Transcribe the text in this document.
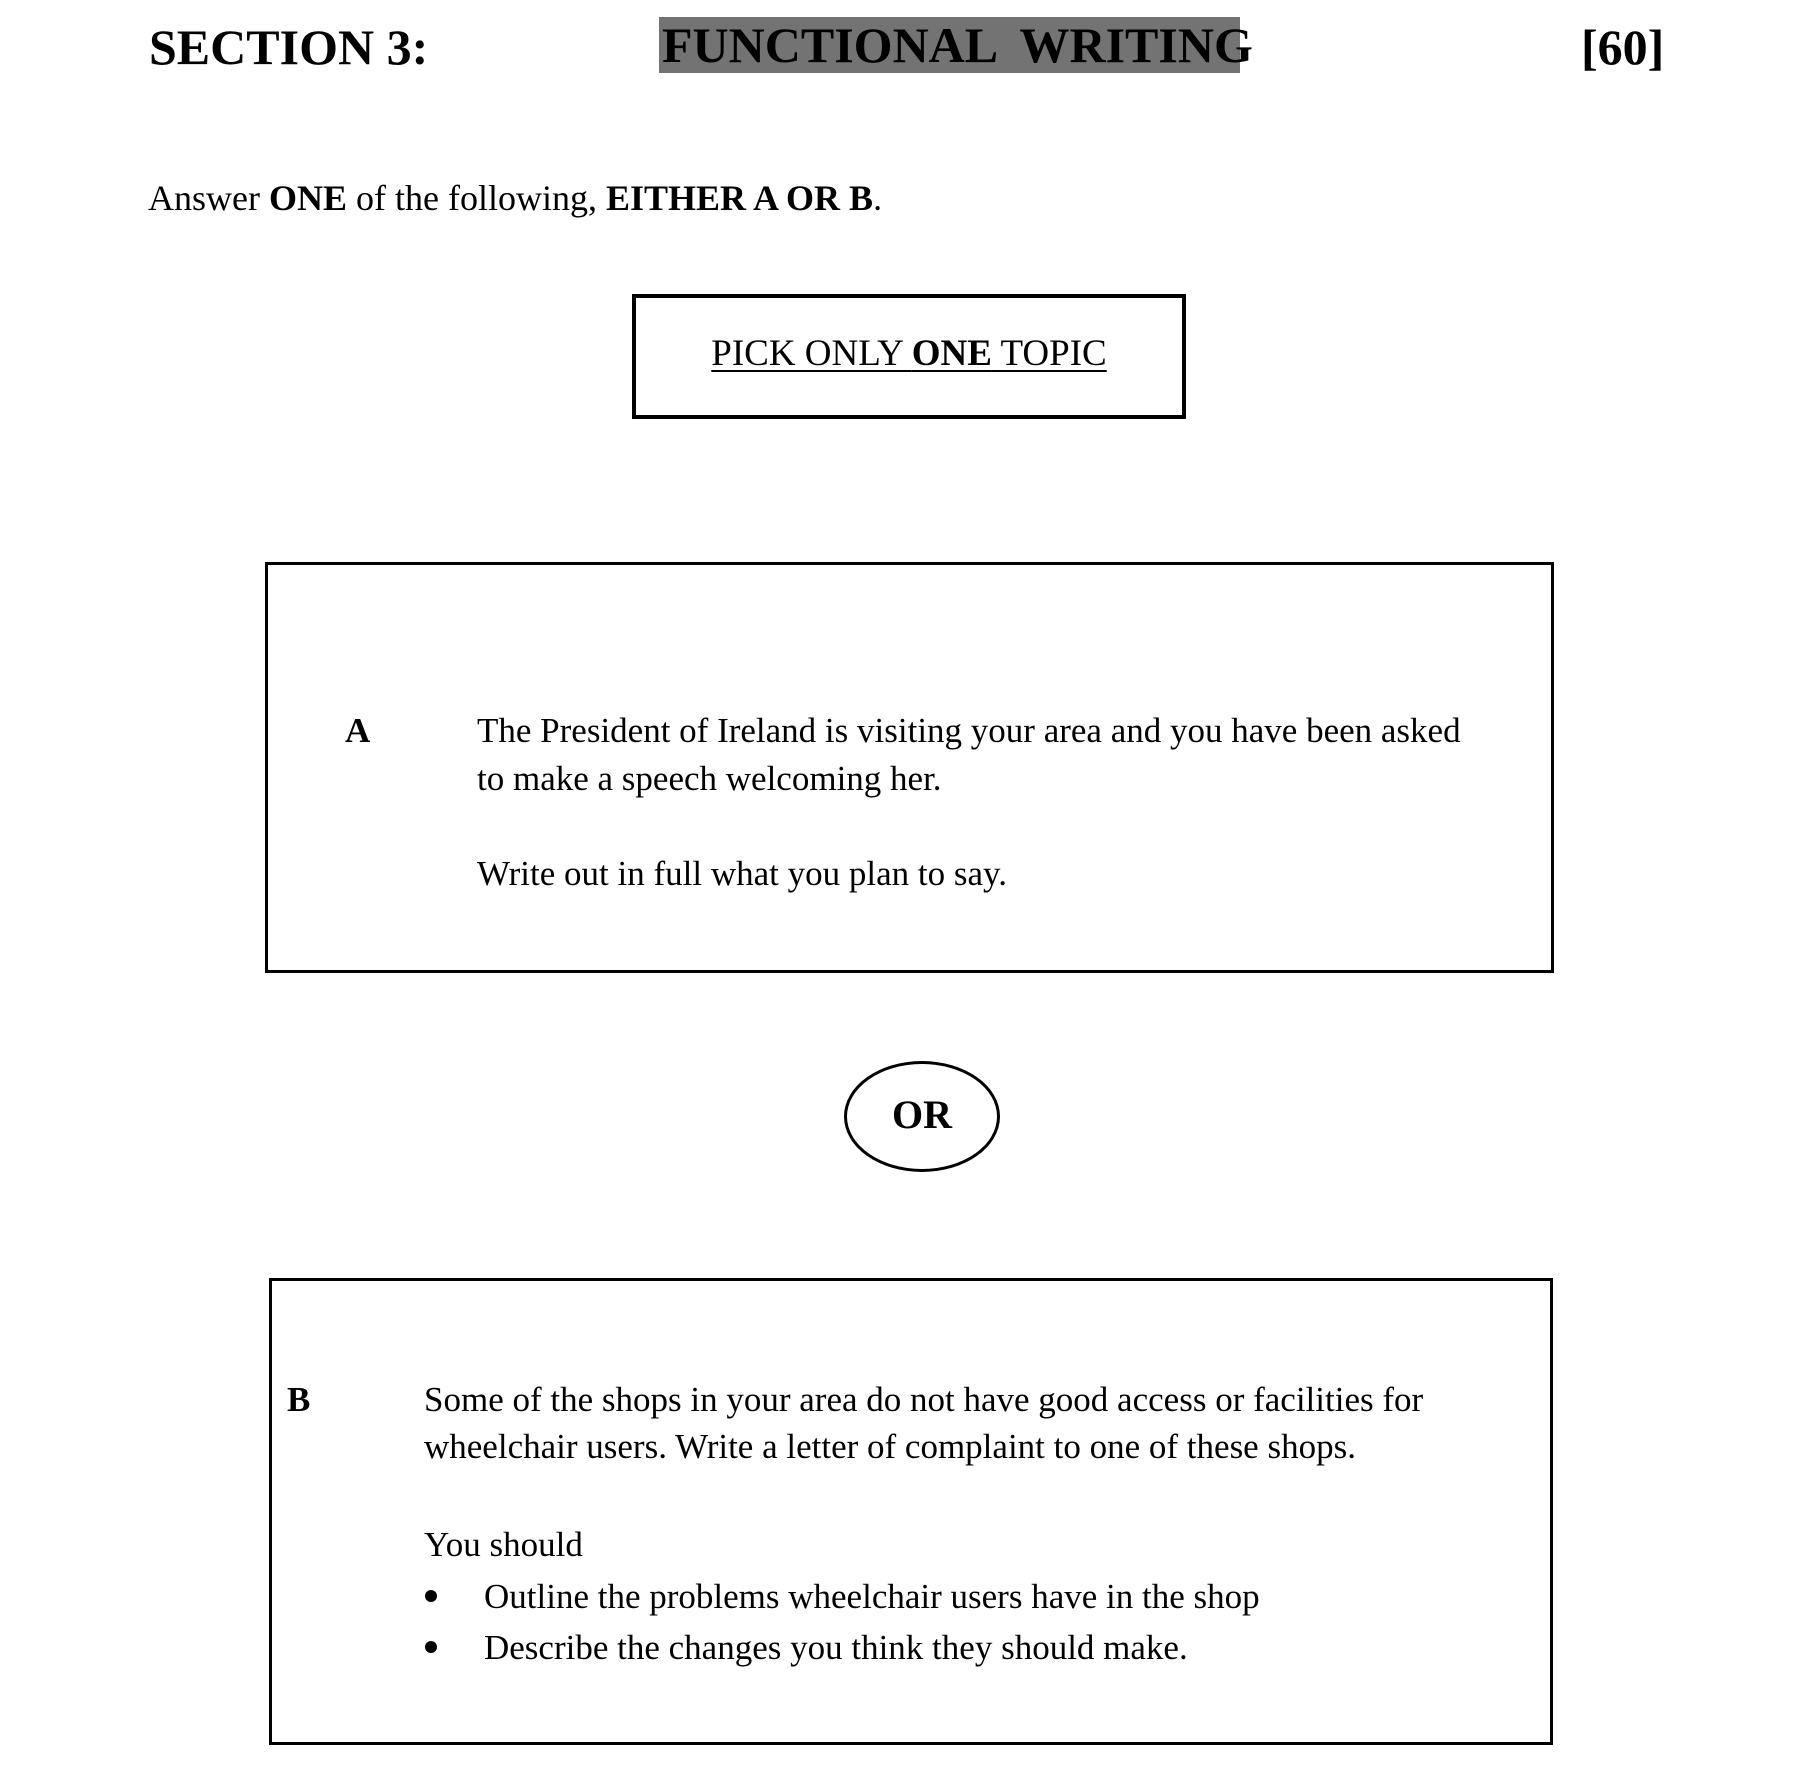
SECTION 3:	FUNCTIONAL  WRITING	[60]
Answer ONE of the following, EITHER A OR B.
PICK ONLY ONE TOPIC
A	The President of Ireland is visiting your area and you have been asked
to make a speech welcoming her.
Write out in full what you plan to say.
OR
B	Some of the shops in your area do not have good access or facilities for
wheelchair users. Write a letter of complaint to one of these shops.
You should
Outline the problems wheelchair users have in the shop
Describe the changes you think they should make.
